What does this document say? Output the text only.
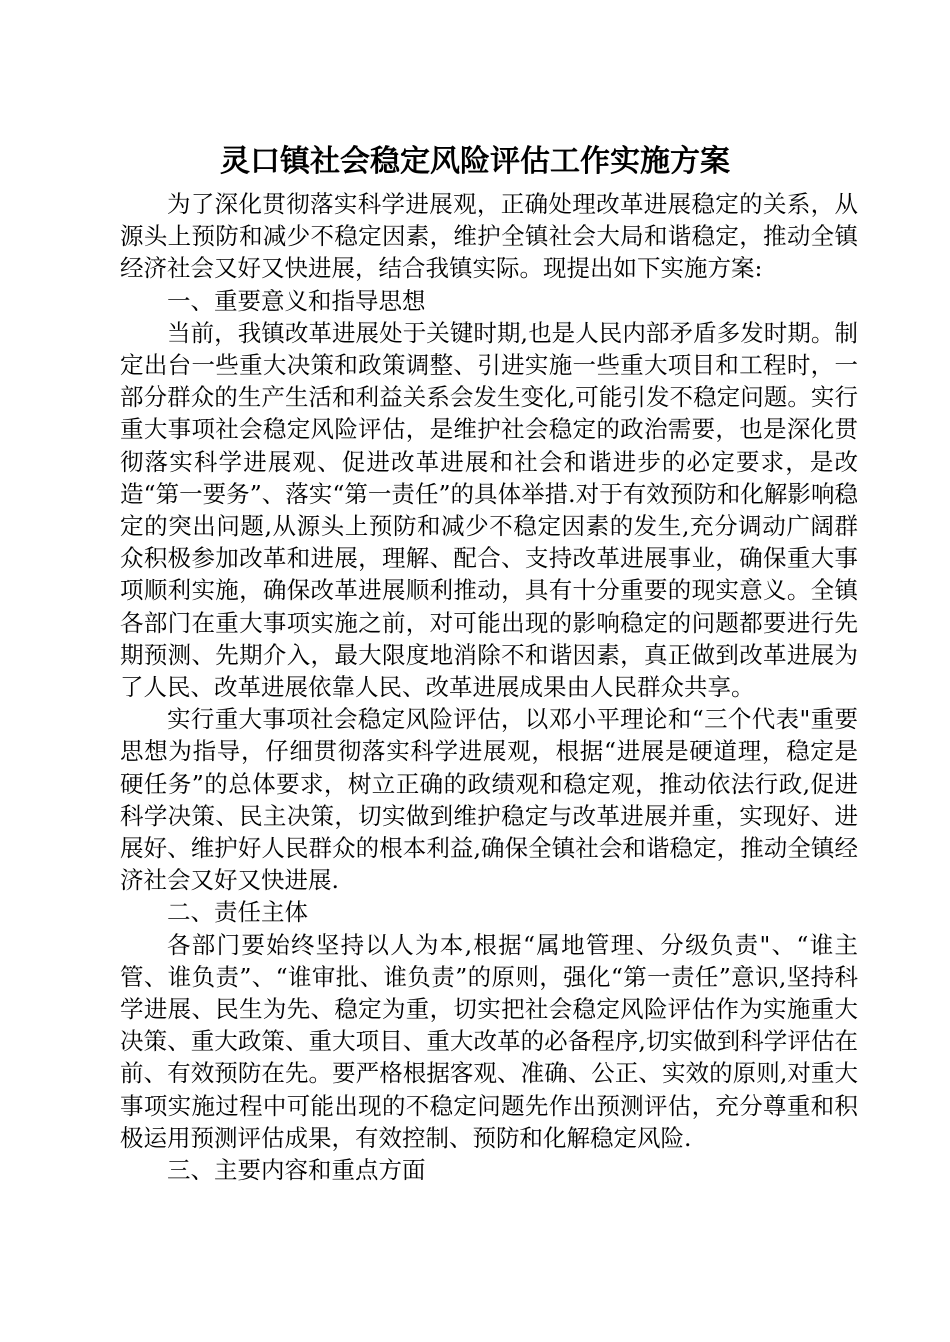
灵口镇社会稳定风险评估工作实施方案

为了深化贯彻落实科学进展观，正确处理改革进展稳定的关系，从源头上预防和减少不稳定因素，维护全镇社会大局和谐稳定，推动全镇经济社会又好又快进展，结合我镇实际。现提出如下实施方案:

一、重要意义和指导思想

当前，我镇改革进展处于关键时期,也是人民内部矛盾多发时期。制定出台一些重大决策和政策调整、引进实施一些重大项目和工程时，一部分群众的生产生活和利益关系会发生变化,可能引发不稳定问题。实行重大事项社会稳定风险评估，是维护社会稳定的政治需要，也是深化贯彻落实科学进展观、促进改革进展和社会和谐进步的必定要求，是改造“第一要务”、落实“第一责任”的具体举措.对于有效预防和化解影响稳定的突出问题,从源头上预防和减少不稳定因素的发生,充分调动广阔群众积极参加改革和进展，理解、配合、支持改革进展事业，确保重大事项顺利实施，确保改革进展顺利推动，具有十分重要的现实意义。全镇各部门在重大事项实施之前，对可能出现的影响稳定的问题都要进行先期预测、先期介入，最大限度地消除不和谐因素，真正做到改革进展为了人民、改革进展依靠人民、改革进展成果由人民群众共享。

实行重大事项社会稳定风险评估，以邓小平理论和“三个代表"重要思想为指导，仔细贯彻落实科学进展观，根据“进展是硬道理，稳定是硬任务”的总体要求，树立正确的政绩观和稳定观，推动依法行政,促进科学决策、民主决策，切实做到维护稳定与改革进展并重，实现好、进展好、维护好人民群众的根本利益,确保全镇社会和谐稳定，推动全镇经济社会又好又快进展.

二、责任主体

各部门要始终坚持以人为本,根据“属地管理、分级负责"、“谁主管、谁负责”、“谁审批、谁负责”的原则，强化“第一责任”意识,坚持科学进展、民生为先、稳定为重，切实把社会稳定风险评估作为实施重大决策、重大政策、重大项目、重大改革的必备程序,切实做到科学评估在前、有效预防在先。要严格根据客观、准确、公正、实效的原则,对重大事项实施过程中可能出现的不稳定问题先作出预测评估，充分尊重和积极运用预测评估成果，有效控制、预防和化解稳定风险.

三、主要内容和重点方面
